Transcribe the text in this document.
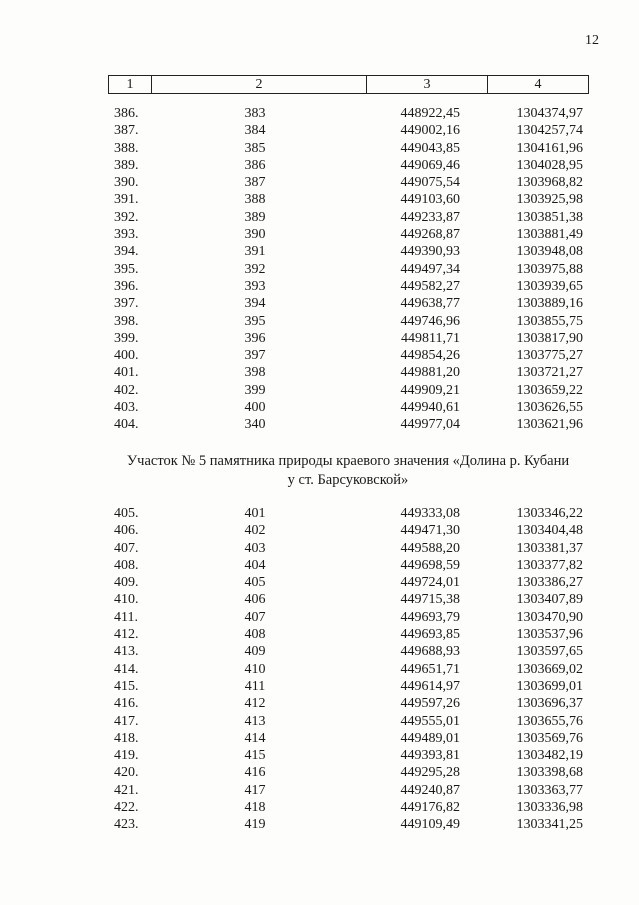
12
1	2	3	4
386.	383	448922,45	1304374,97
387.	384	449002,16	1304257,74
388.	385	449043,85	1304161,96
389.	386	449069,46	1304028,95
390.	387	449075,54	1303968,82
391.	388	449103,60	1303925,98
392.	389	449233,87	1303851,38
393.	390	449268,87	1303881,49
394.	391	449390,93	1303948,08
395.	392	449497,34	1303975,88
396.	393	449582,27	1303939,65
397.	394	449638,77	1303889,16
398.	395	449746,96	1303855,75
399.	396	449811,71	1303817,90
400.	397	449854,26	1303775,27
401.	398	449881,20	1303721,27
402.	399	449909,21	1303659,22
403.	400	449940,61	1303626,55
404.	340	449977,04	1303621,96
Участок № 5 памятника природы краевого значения «Долина р. Кубани
у ст. Барсуковской»
405.	401	449333,08	1303346,22
406.	402	449471,30	1303404,48
407.	403	449588,20	1303381,37
408.	404	449698,59	1303377,82
409.	405	449724,01	1303386,27
410.	406	449715,38	1303407,89
411.	407	449693,79	1303470,90
412.	408	449693,85	1303537,96
413.	409	449688,93	1303597,65
414.	410	449651,71	1303669,02
415.	411	449614,97	1303699,01
416.	412	449597,26	1303696,37
417.	413	449555,01	1303655,76
418.	414	449489,01	1303569,76
419.	415	449393,81	1303482,19
420.	416	449295,28	1303398,68
421.	417	449240,87	1303363,77
422.	418	449176,82	1303336,98
423.	419	449109,49	1303341,25
